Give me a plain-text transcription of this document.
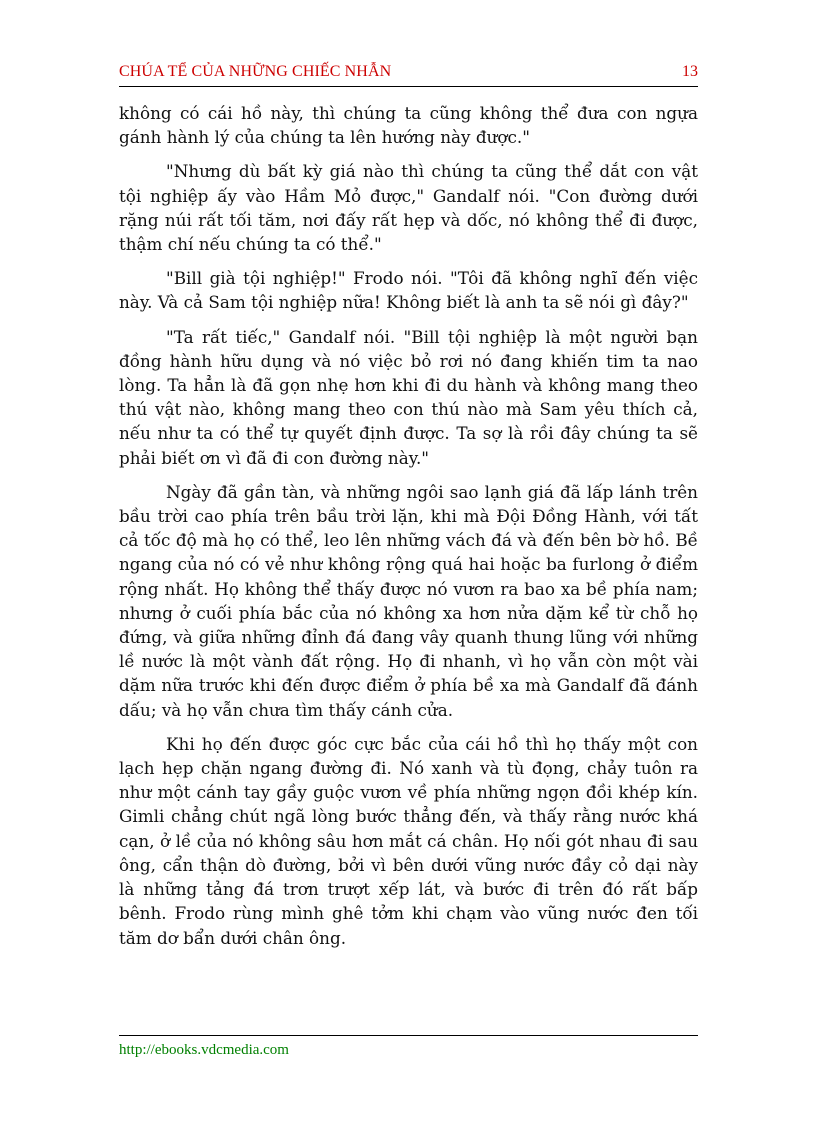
CHÚA TỂ CỦA NHỮNG CHIẾC NHẪN	13

không có cái hồ này, thì chúng ta cũng không thể đưa con ngựa gánh hành lý của chúng ta lên hướng này được."

"Nhưng dù bất kỳ giá nào thì chúng ta cũng thể dắt con vật tội nghiệp ấy vào Hầm Mỏ được," Gandalf nói. "Con đường dưới rặng núi rất tối tăm, nơi đấy rất hẹp và dốc, nó không thể đi được, thậm chí nếu chúng ta có thể."

"Bill già tội nghiệp!" Frodo nói. "Tôi đã không nghĩ đến việc này. Và cả Sam tội nghiệp nữa! Không biết là anh ta sẽ nói gì đây?"

"Ta rất tiếc," Gandalf nói. "Bill tội nghiệp là một người bạn đồng hành hữu dụng và nó việc bỏ rơi nó đang khiến tim ta nao lòng. Ta hẳn là đã gọn nhẹ hơn khi đi du hành và không mang theo thú vật nào, không mang theo con thú nào mà Sam yêu thích cả, nếu như ta có thể tự quyết định được. Ta sợ là rồi đây chúng ta sẽ phải biết ơn vì đã đi con đường này."

Ngày đã gần tàn, và những ngôi sao lạnh giá đã lấp lánh trên bầu trời cao phía trên bầu trời lặn, khi mà Đội Đồng Hành, với tất cả tốc độ mà họ có thể, leo lên những vách đá và đến bên bờ hồ. Bề ngang của nó có vẻ như không rộng quá hai hoặc ba furlong ở điểm rộng nhất. Họ không thể thấy được nó vươn ra bao xa bề phía nam; nhưng ở cuối phía bắc của nó không xa hơn nửa dặm kể từ chỗ họ đứng, và giữa những đỉnh đá đang vây quanh thung lũng với những lề nước là một vành đất rộng. Họ đi nhanh, vì họ vẫn còn một vài dặm nữa trước khi đến được điểm ở phía bề xa mà Gandalf đã đánh dấu; và họ vẫn chưa tìm thấy cánh cửa.

Khi họ đến được góc cực bắc của cái hồ thì họ thấy một con lạch hẹp chặn ngang đường đi. Nó xanh và tù đọng, chảy tuôn ra như một cánh tay gầy guộc vươn về phía những ngọn đồi khép kín. Gimli chẳng chút ngã lòng bước thẳng đến, và thấy rằng nước khá cạn, ở lề của nó không sâu hơn mắt cá chân. Họ nối gót nhau đi sau ông, cẩn thận dò đường, bởi vì bên dưới vũng nước đầy cỏ dại này là những tảng đá trơn trượt xếp lát, và bước đi trên đó rất bấp bênh. Frodo rùng mình ghê tởm khi chạm vào vũng nước đen tối tăm dơ bẩn dưới chân ông.

http://ebooks.vdcmedia.com
